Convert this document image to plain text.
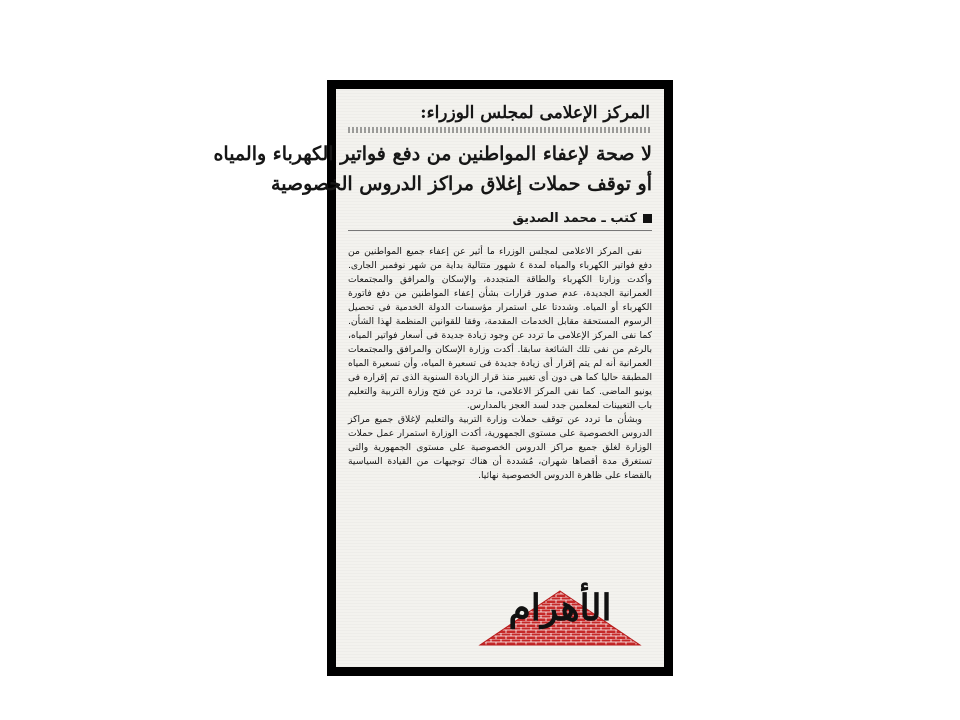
المركز الإعلامى لمجلس الوزراء:

لا صحة لإعفاء المواطنين من دفع فواتير الكهرباء والمياه

أو توقف حملات إغلاق مراكز الدروس الخصوصية

كتب ـ محمد الصديق

نفى المركز الاعلامى لمجلس الوزراء ما أثير عن إعفاء جميع المواطنين من دفع فواتير الكهرباء والمياه لمدة ٤ شهور متتالية بداية من شهر نوفمبر الجارى. وأكدت وزارتا الكهرباء والطاقة المتجددة، والإسكان والمرافق والمجتمعات العمرانية الجديدة، عدم صدور قرارات بشأن إعفاء المواطنين من دفع فاتورة الكهرباء أو المياه. وشددتا على استمرار مؤسسات الدولة الخدمية فى تحصيل الرسوم المستحقة مقابل الخدمات المقدمة، وفقا للقوانين المنظمة لهذا الشأن. كما نفى المركز الإعلامى ما تردد عن وجود زيادة جديدة فى أسعار فواتير المياه، بالرغم من نفى تلك الشائعة سابقا. أكدت وزارة الإسكان والمرافق والمجتمعات العمرانية أنه لم يتم إقرار أى زيادة جديدة فى تسعيرة المياه، وأن تسعيرة المياه المطبقة حاليا كما هى دون أى تغيير منذ قرار الزيادة السنوية الذى تم إقراره فى يونيو الماضى. كما نفى المركز الاعلامى، ما تردد عن فتح وزارة التربية والتعليم باب التعيينات لمعلمين جدد لسد العجز بالمدارس.

وبشأن ما تردد عن توقف حملات وزارة التربية والتعليم لإغلاق جميع مراكز الدروس الخصوصية على مستوى الجمهورية، أكدت الوزارة استمرار عمل حملات الوزارة لغلق جميع مراكز الدروس الخصوصية على مستوى الجمهورية والتى تستغرق مدة أقصاها شهران، مُشددة أن هناك توجيهات من القيادة السياسية بالقضاء على ظاهرة الدروس الخصوصية نهائيا.

الأهرام
